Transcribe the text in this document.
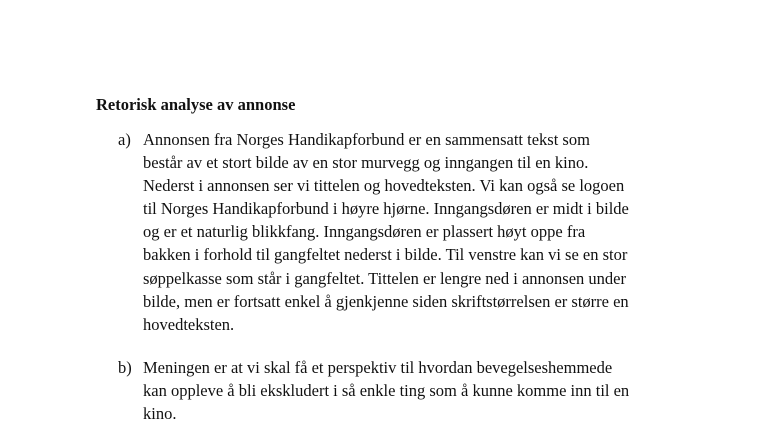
Retorisk analyse av annonse
a) Annonsen fra Norges Handikapforbund er en sammensatt tekst som
består av et stort bilde av en stor murvegg og inngangen til en kino.
Nederst i annonsen ser vi tittelen og hovedteksten. Vi kan også se logoen
til Norges Handikapforbund i høyre hjørne. Inngangsdøren er midt i bilde
og er et naturlig blikkfang. Inngangsdøren er plassert høyt oppe fra
bakken i forhold til gangfeltet nederst i bilde. Til venstre kan vi se en stor
søppelkasse som står i gangfeltet. Tittelen er lengre ned i annonsen under
bilde, men er fortsatt enkel å gjenkjenne siden skriftstørrelsen er større en
hovedteksten.
b) Meningen er at vi skal få et perspektiv til hvordan bevegelseshemmede
kan oppleve å bli ekskludert i så enkle ting som å kunne komme inn til en
kino.
